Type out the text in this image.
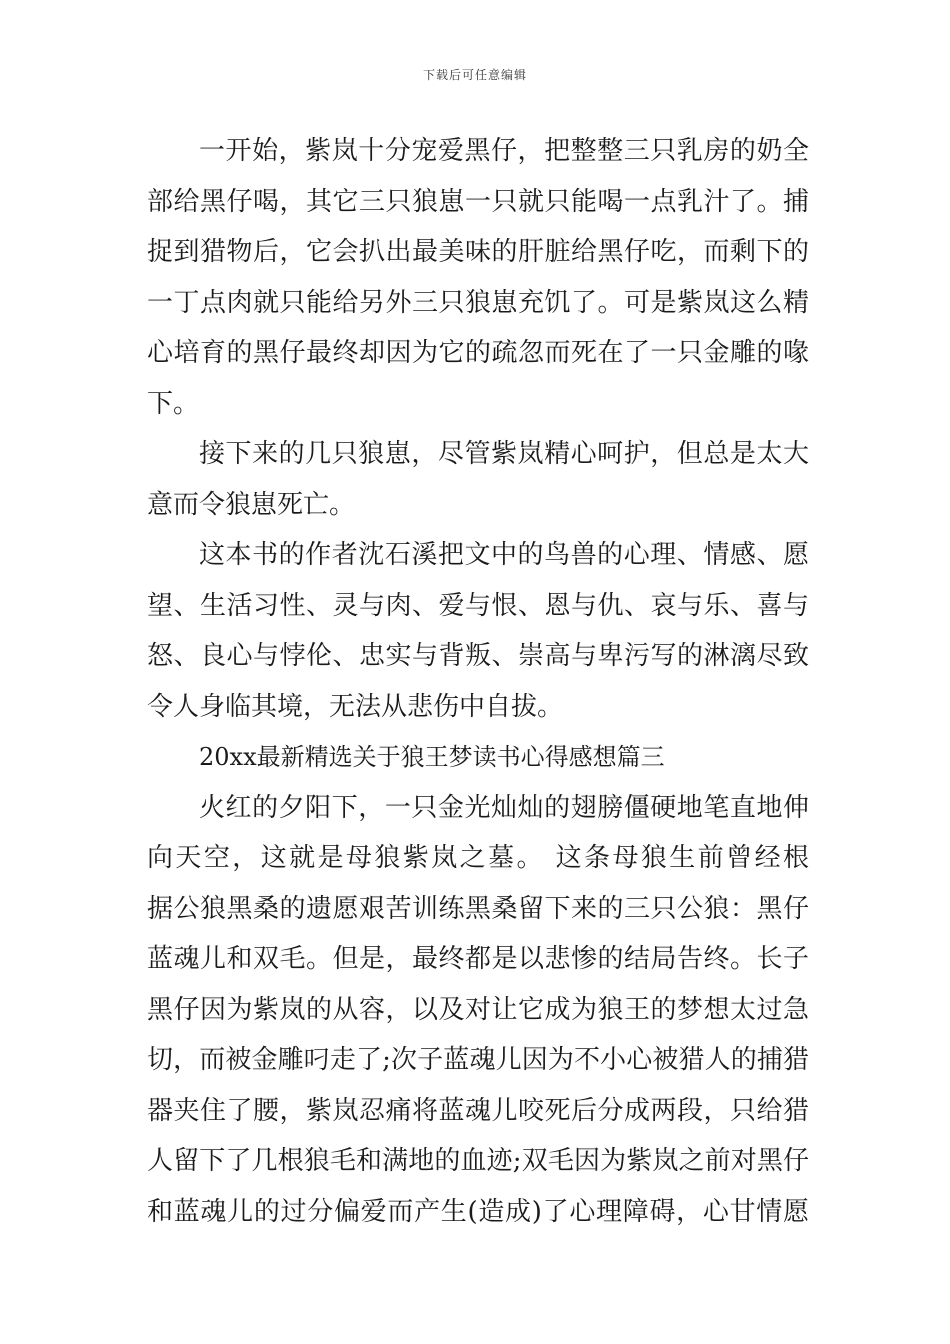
下载后可任意编辑
一开始，紫岚十分宠爱黑仔，把整整三只乳房的奶全
部给黑仔喝，其它三只狼崽一只就只能喝一点乳汁了。捕
捉到猎物后，它会扒出最美味的肝脏给黑仔吃，而剩下的
一丁点肉就只能给另外三只狼崽充饥了。可是紫岚这么精
心培育的黑仔最终却因为它的疏忽而死在了一只金雕的喙
下。
接下来的几只狼崽，尽管紫岚精心呵护，但总是太大
意而令狼崽死亡。
这本书的作者沈石溪把文中的鸟兽的心理、情感、愿
望、生活习性、灵与肉、爱与恨、恩与仇、哀与乐、喜与
怒、良心与悖伦、忠实与背叛、崇高与卑污写的淋漓尽致
令人身临其境，无法从悲伤中自拔。
20xx最新精选关于狼王梦读书心得感想篇三
火红的夕阳下，一只金光灿灿的翅膀僵硬地笔直地伸
向天空，这就是母狼紫岚之墓。 这条母狼生前曾经根
据公狼黑桑的遗愿艰苦训练黑桑留下来的三只公狼：黑仔
蓝魂儿和双毛。但是，最终都是以悲惨的结局告终。长子
黑仔因为紫岚的从容，以及对让它成为狼王的梦想太过急
切，而被金雕叼走了;次子蓝魂儿因为不小心被猎人的捕猎
器夹住了腰，紫岚忍痛将蓝魂儿咬死后分成两段，只给猎
人留下了几根狼毛和满地的血迹;双毛因为紫岚之前对黑仔
和蓝魂儿的过分偏爱而产生(造成)了心理障碍，心甘情愿
